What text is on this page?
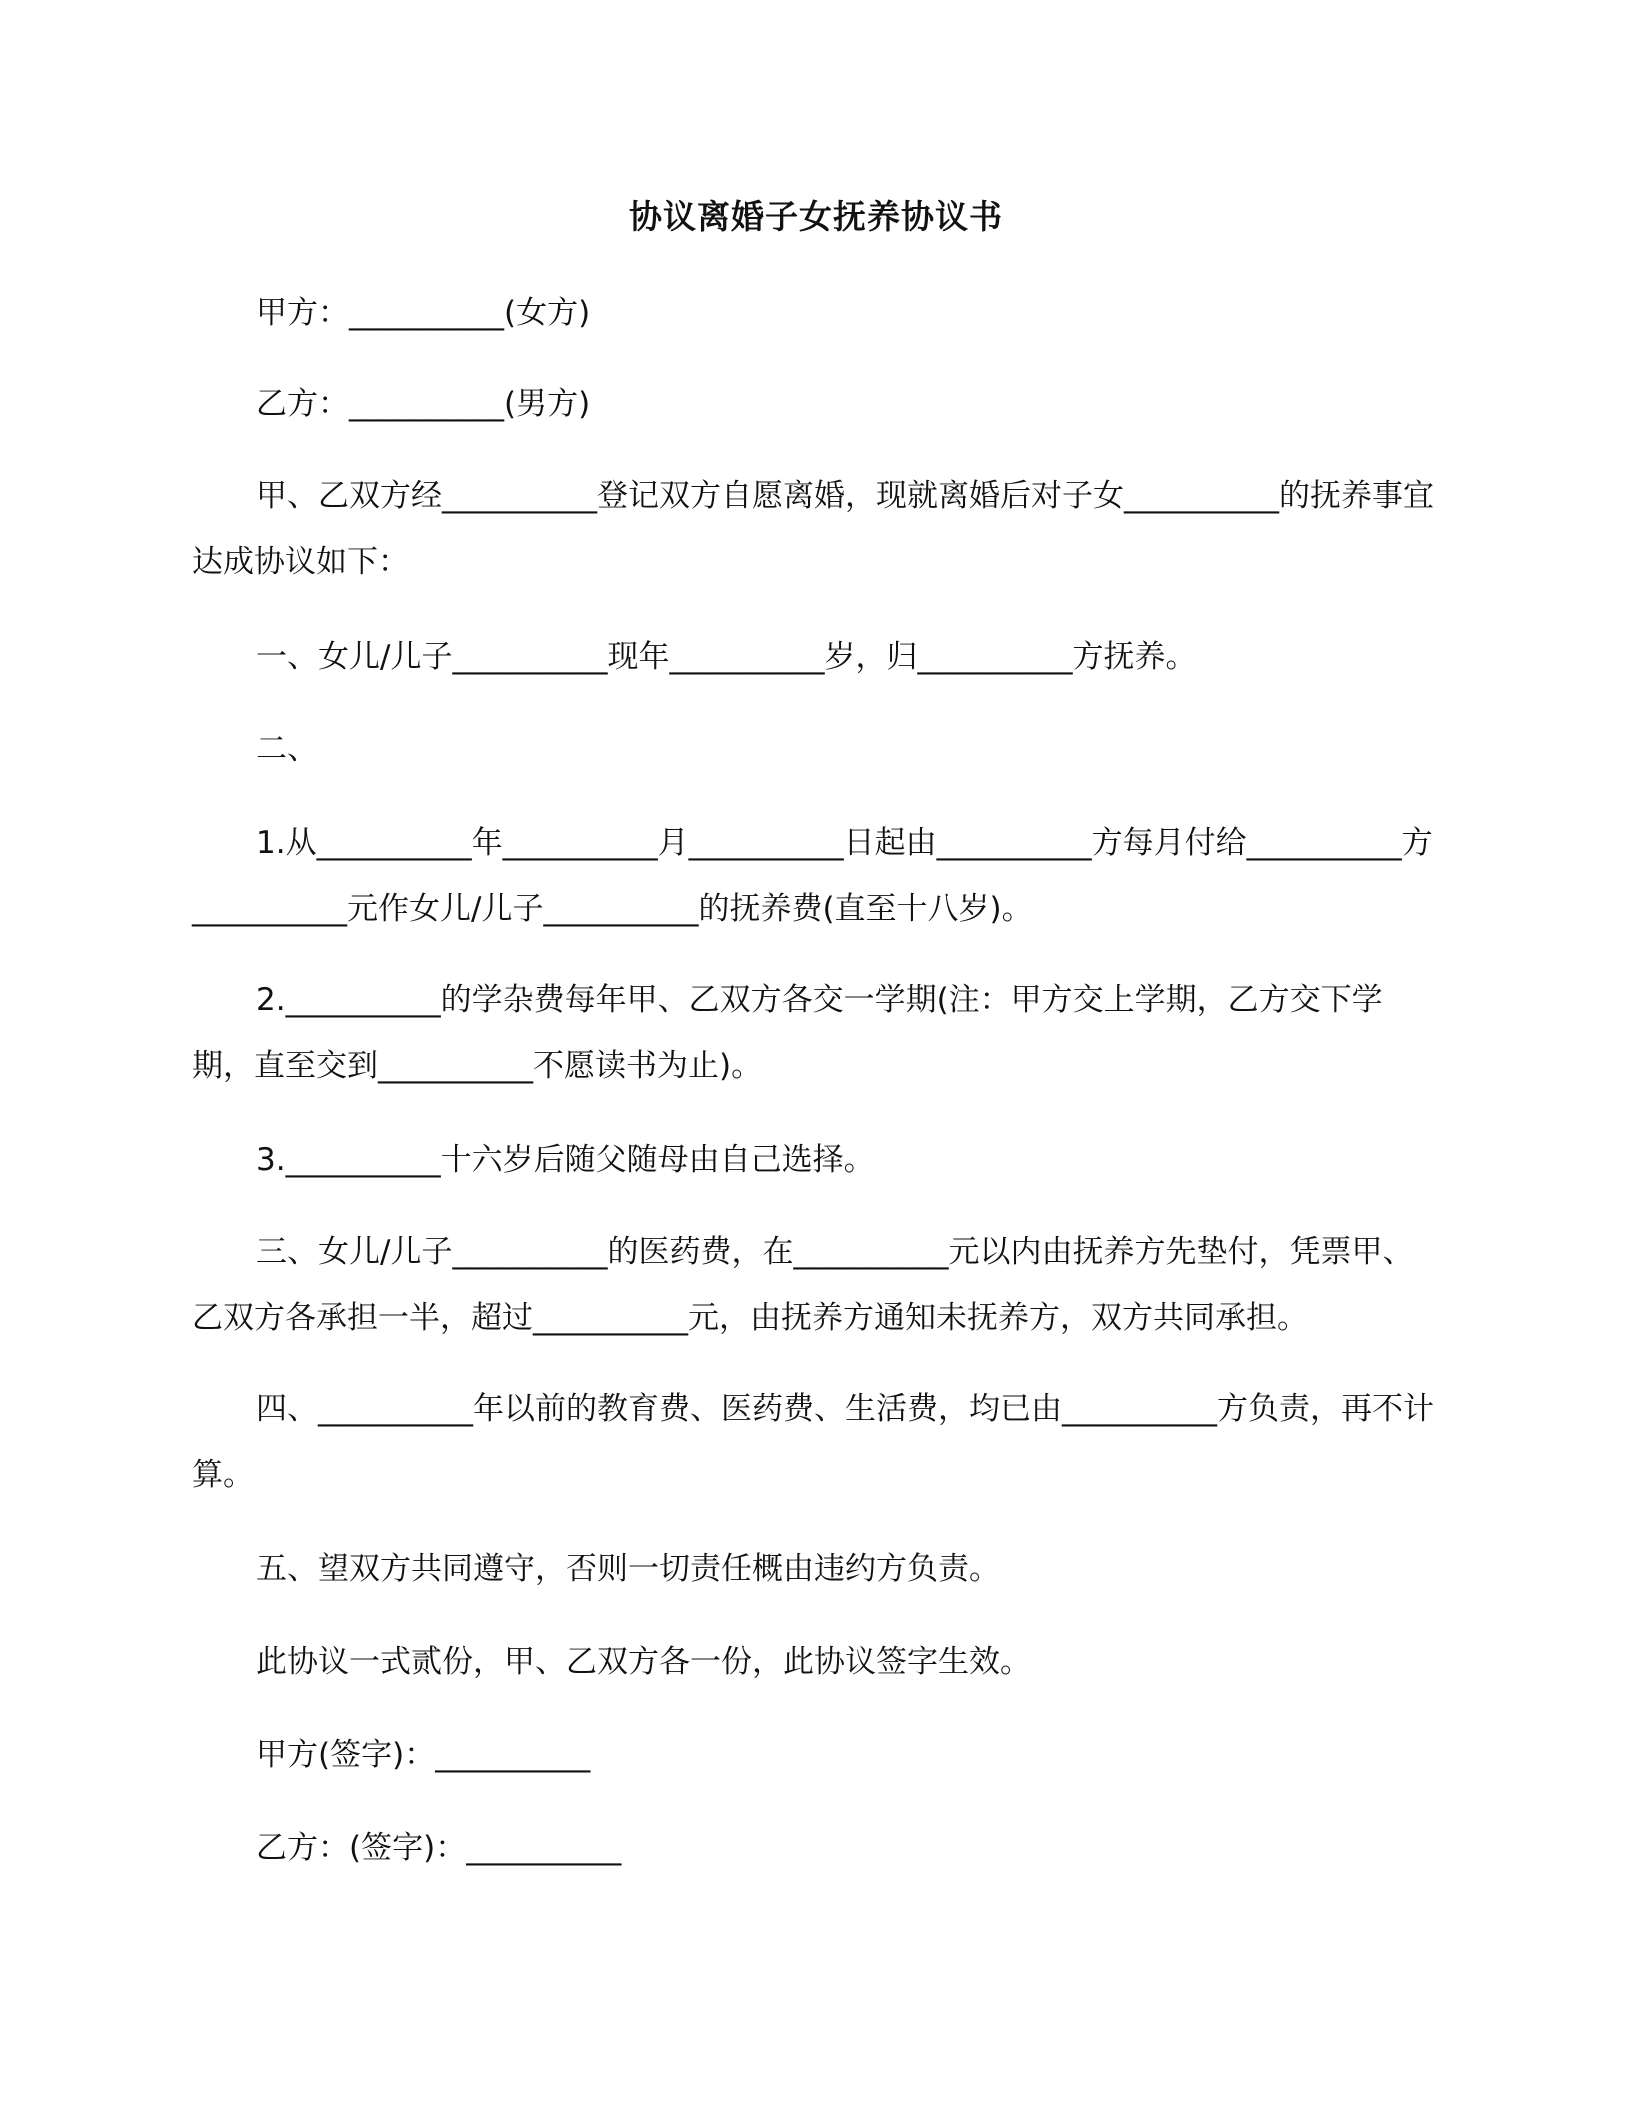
协议离婚子女抚养协议书
甲方：__________(女方)
乙方：__________(男方)

甲、乙双方经__________登记双方自愿离婚，现就离婚后对子女__________的抚养事宜达成协议如下：

一、女儿/儿子__________现年__________岁，归__________方抚养。
二、

1.从__________年__________月__________日起由__________方每月付给__________方__________元作女儿/儿子__________的抚养费(直至十八岁)。

2.__________的学杂费每年甲、乙双方各交一学期(注：甲方交上学期，乙方交下学期，直至交到__________不愿读书为止)。

3.__________十六岁后随父随母由自己选择。

三、女儿/儿子__________的医药费，在__________元以内由抚养方先垫付，凭票甲、乙双方各承担一半，超过__________元，由抚养方通知未抚养方，双方共同承担。

四、__________年以前的教育费、医药费、生活费，均已由__________方负责，再不计算。

五、望双方共同遵守，否则一切责任概由违约方负责。
此协议一式贰份，甲、乙双方各一份，此协议签字生效。
甲方(签字)：__________
乙方：(签字)：__________
